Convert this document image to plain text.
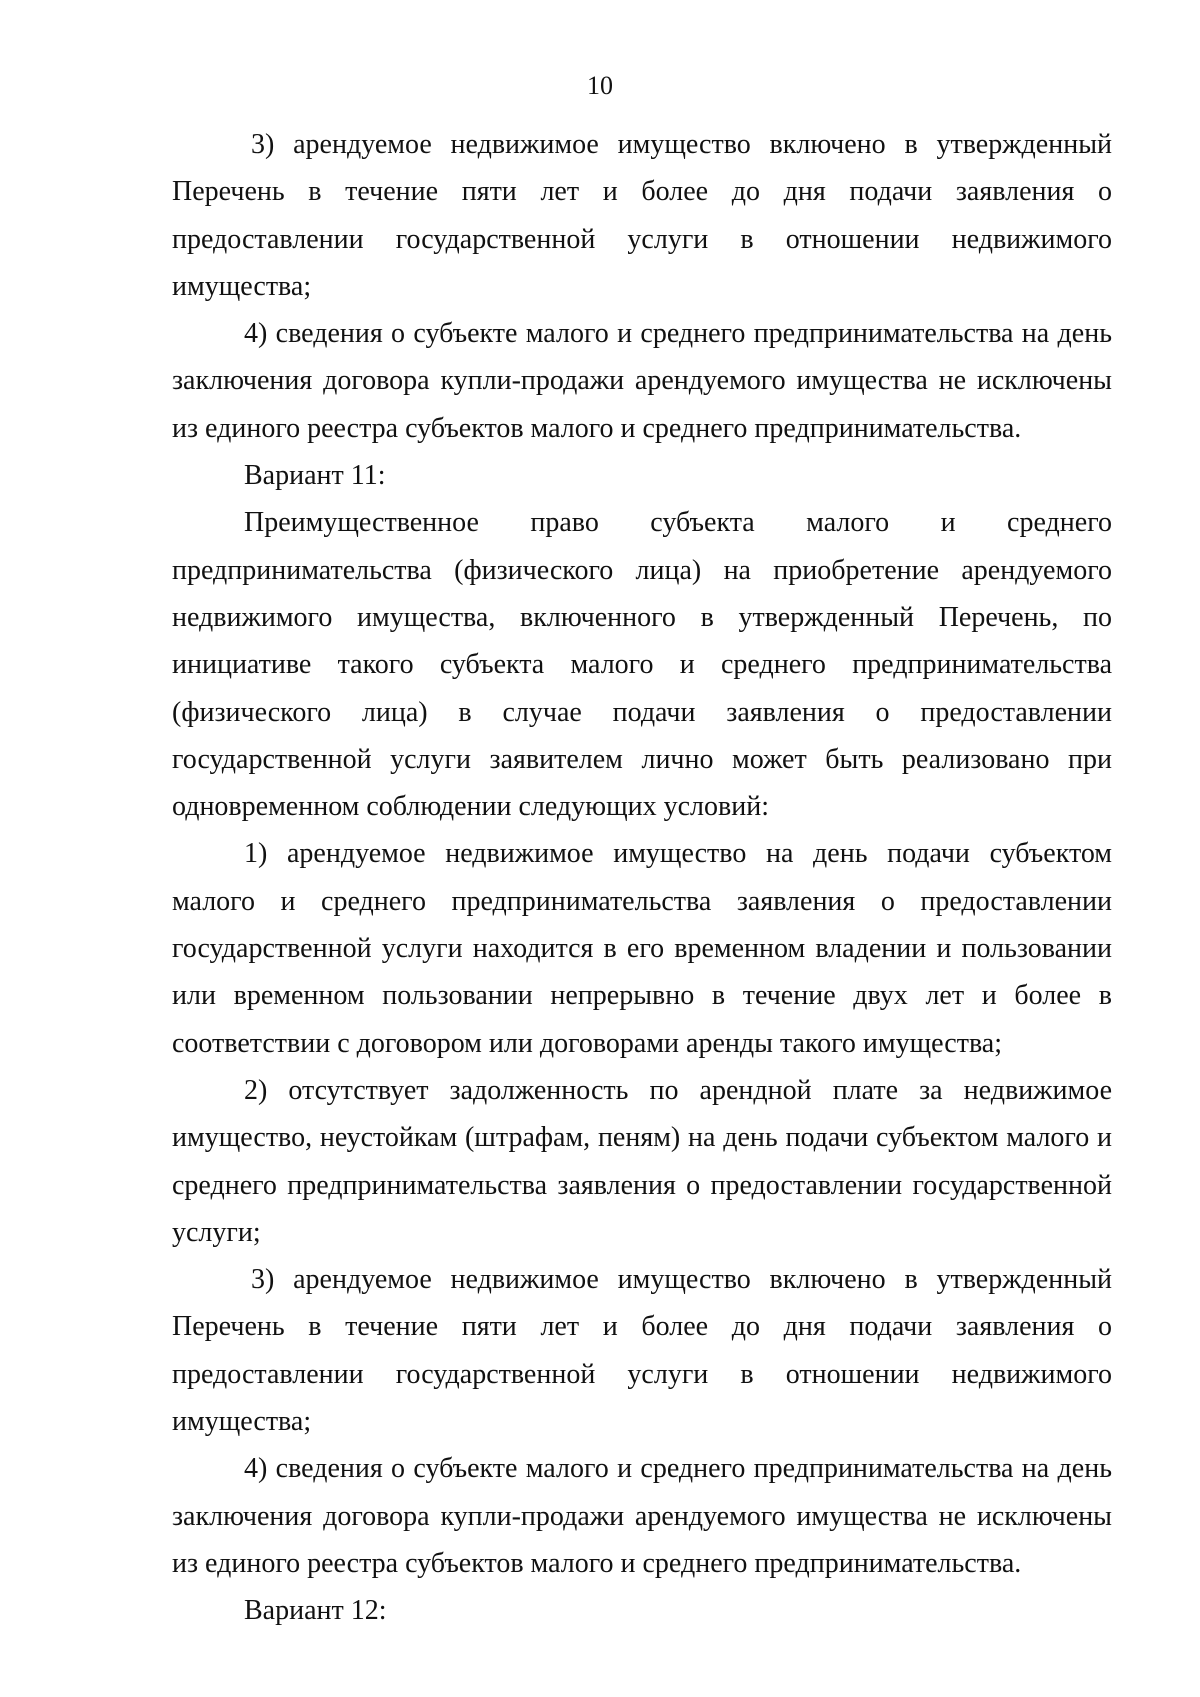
10

3) арендуемое недвижимое имущество включено в утвержденный Перечень в течение пяти лет и более до дня подачи заявления о предоставлении государственной услуги в отношении недвижимого имущества;

4) сведения о субъекте малого и среднего предпринимательства на день заключения договора купли-продажи арендуемого имущества не исключены из единого реестра субъектов малого и среднего предпринимательства.

Вариант 11:

Преимущественное право субъекта малого и среднего предпринимательства (физического лица) на приобретение арендуемого недвижимого имущества, включенного в утвержденный Перечень, по инициативе такого субъекта малого и среднего предпринимательства (физического лица) в случае подачи заявления о предоставлении государственной услуги заявителем лично может быть реализовано при одновременном соблюдении следующих условий:

1) арендуемое недвижимое имущество на день подачи субъектом малого и среднего предпринимательства заявления о предоставлении государственной услуги находится в его временном владении и пользовании или временном пользовании непрерывно в течение двух лет и более в соответствии с договором или договорами аренды такого имущества;

2) отсутствует задолженность по арендной плате за недвижимое имущество, неустойкам (штрафам, пеням) на день подачи субъектом малого и среднего предпринимательства заявления о предоставлении государственной услуги;

3) арендуемое недвижимое имущество включено в утвержденный Перечень в течение пяти лет и более до дня подачи заявления о предоставлении государственной услуги в отношении недвижимого имущества;

4) сведения о субъекте малого и среднего предпринимательства на день заключения договора купли-продажи арендуемого имущества не исключены из единого реестра субъектов малого и среднего предпринимательства.

Вариант 12:
